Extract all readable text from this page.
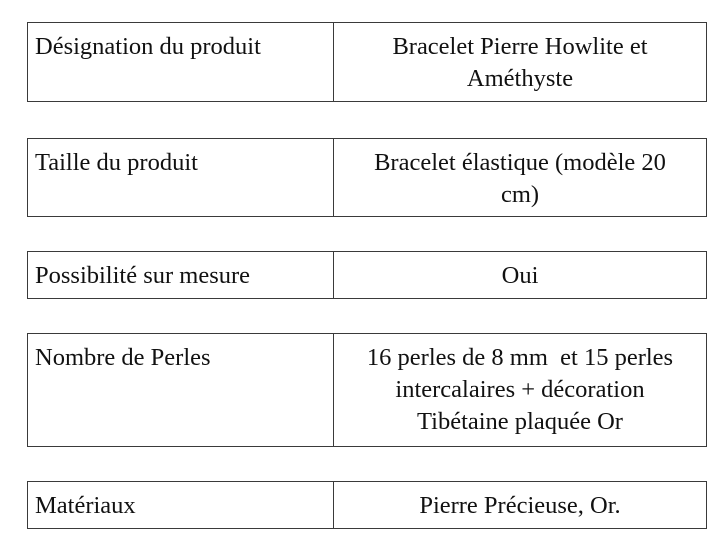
Désignation du produit	Bracelet Pierre Howlite et
Améthyste
Taille du produit	Bracelet élastique (modèle 20
cm)
Possibilité sur mesure	Oui
Nombre de Perles	16 perles de 8 mm  et 15 perles
intercalaires + décoration
Tibétaine plaquée Or
Matériaux	Pierre Précieuse, Or.
